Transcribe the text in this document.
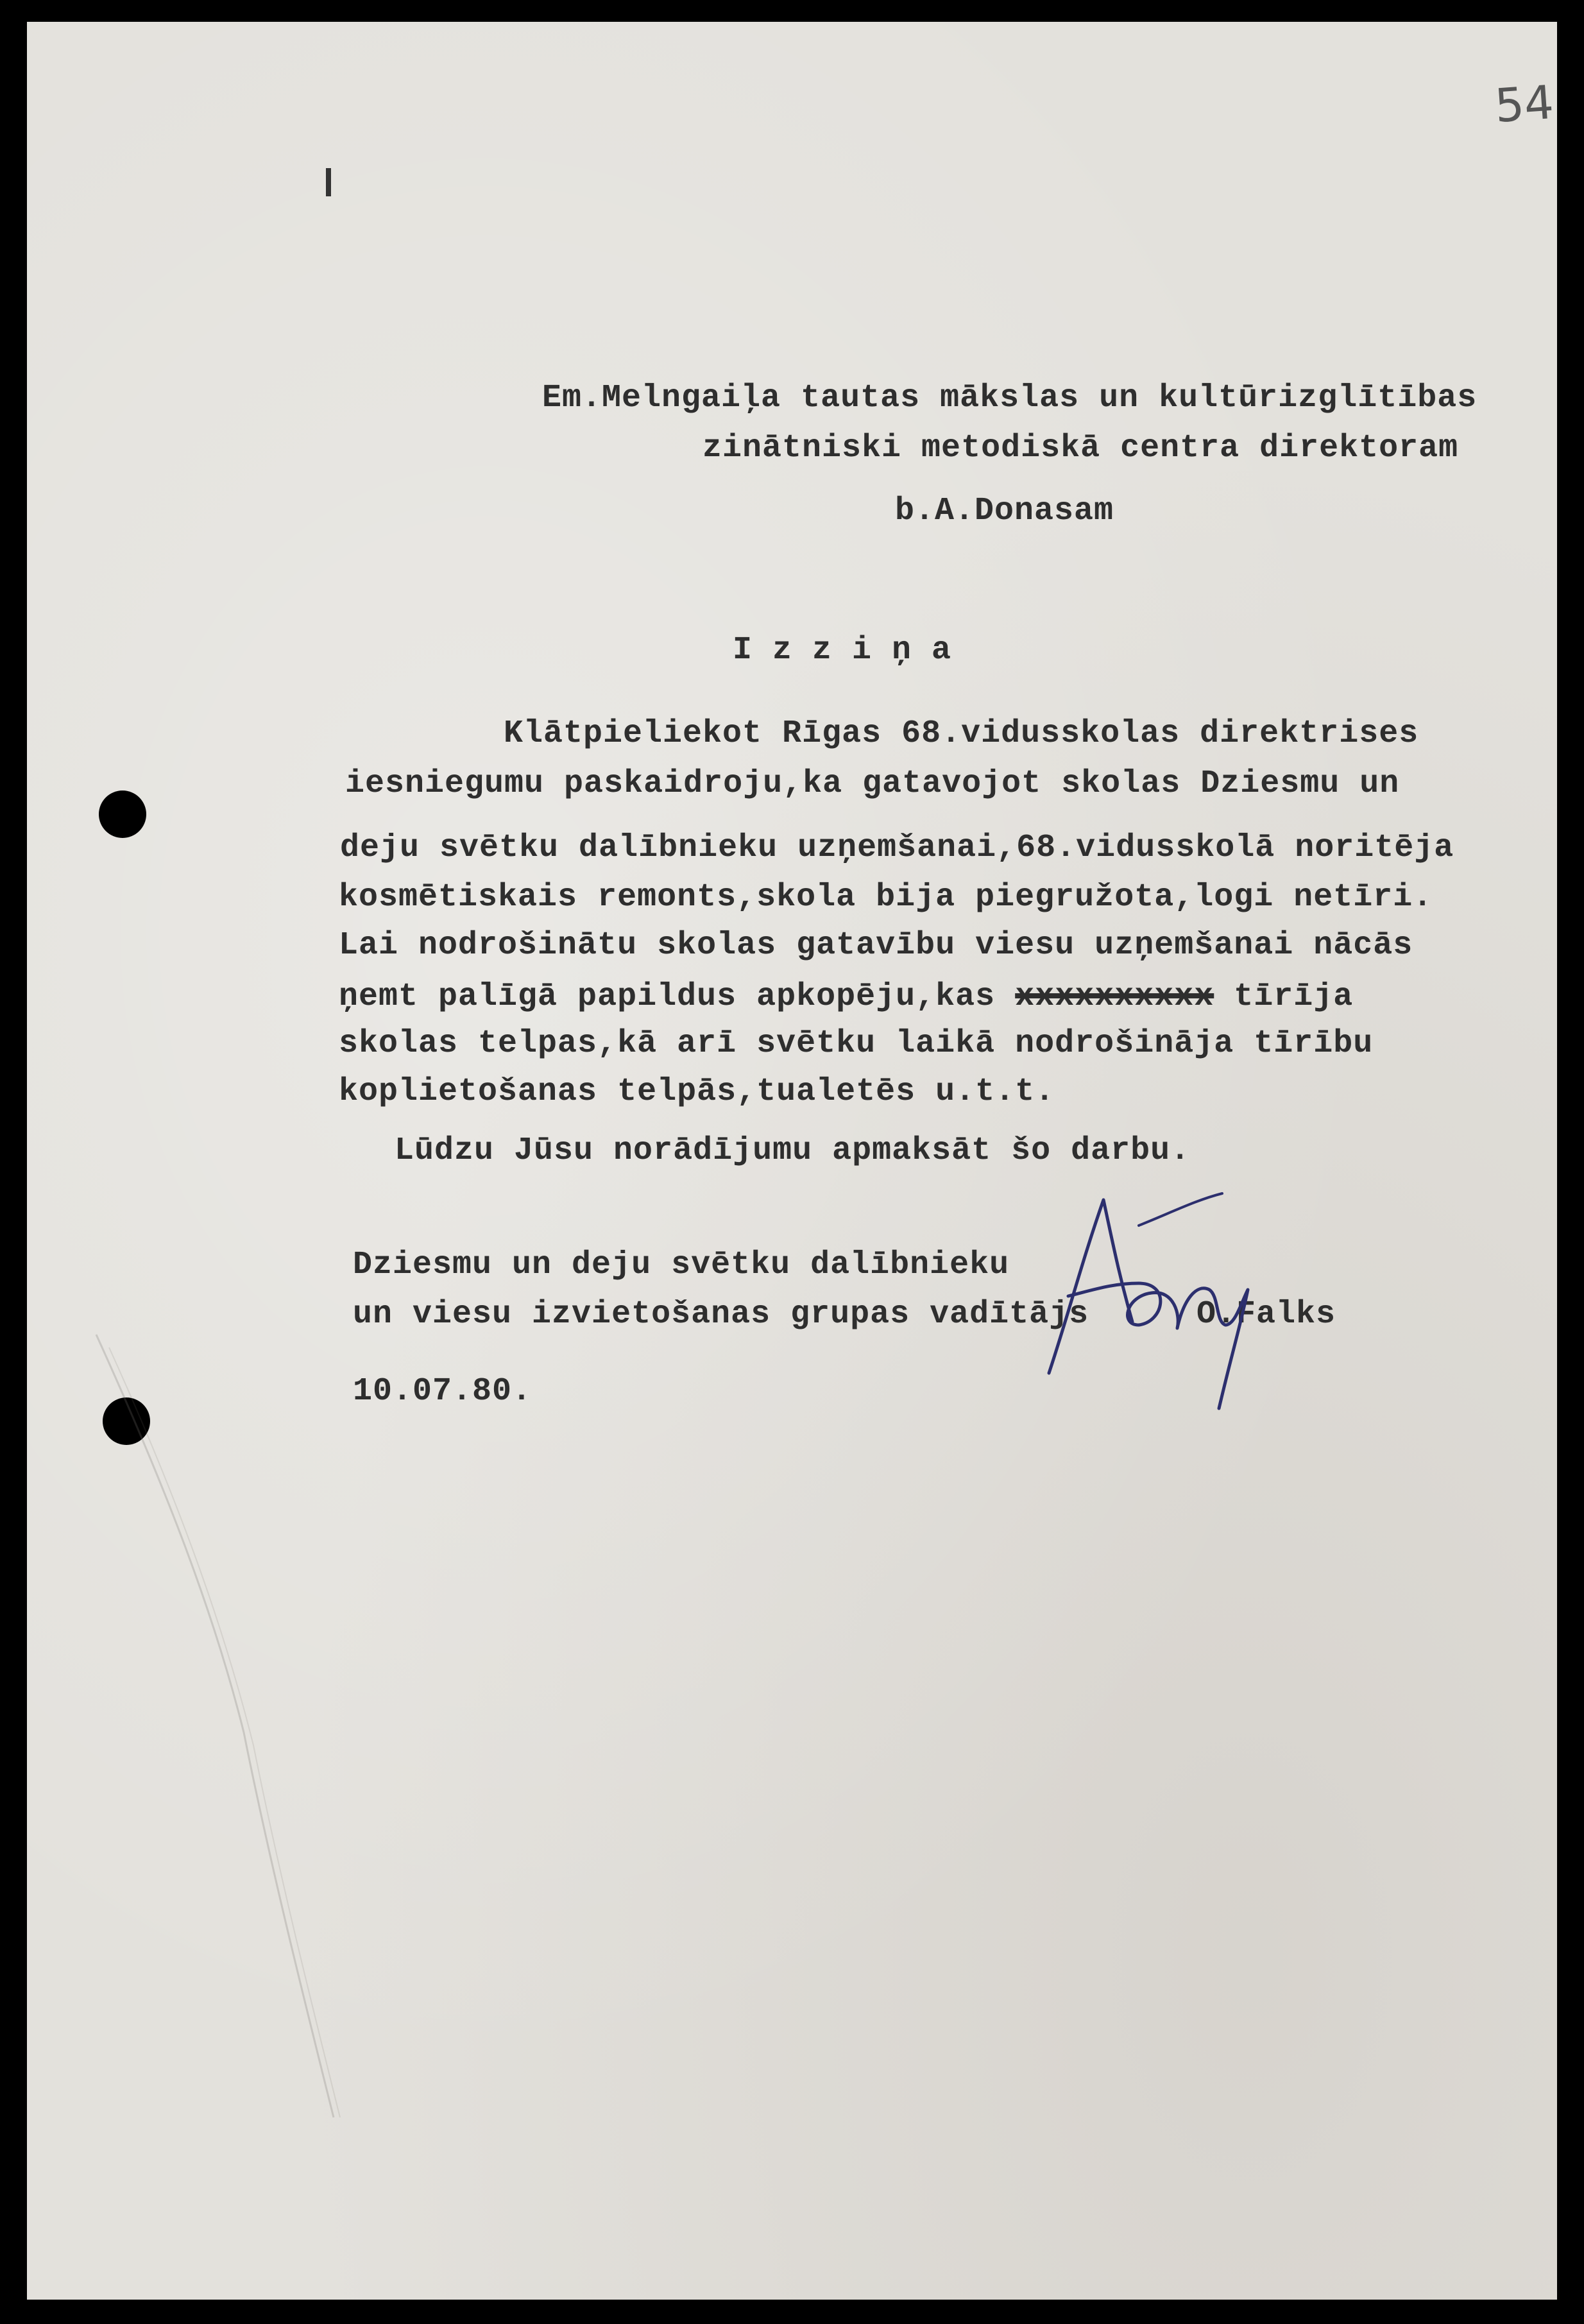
54

Em.Melngaiļa tautas mākslas un kultūrizglītības

zinātniski metodiskā centra direktoram

b.A.Donasam

I z z i ņ a

Klātpieliekot Rīgas 68.vidusskolas direktrises

iesniegumu paskaidroju,ka gatavojot skolas Dziesmu un

deju svētku dalībnieku uzņemšanai,68.vidusskolā noritēja

kosmētiskais remonts,skola bija piegružota,logi netīri.

Lai nodrošinātu skolas gatavību viesu uzņemšanai nācās

ņemt palīgā papildus apkopēju,kas xxxxxxxxxx tīrīja

skolas telpas,kā arī svētku laikā nodrošināja tīrību

koplietošanas telpās,tualetēs u.t.t.

Lūdzu Jūsu norādījumu apmaksāt šo darbu.

Dziesmu un deju svētku dalībnieku

un viesu izvietošanas grupas vadītājs	O.Falks

10.07.80.
